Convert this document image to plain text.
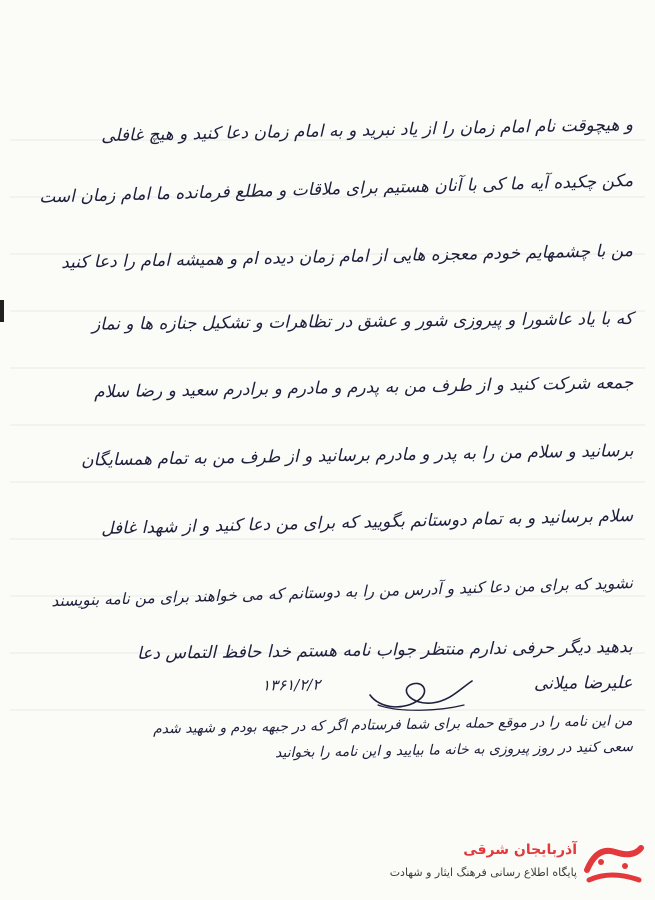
و هیچوقت نام امام زمان را از یاد نبرید و به امام زمان دعا کنید و هیچ غافلی
مکن چکیده آیه ما کی با آنان هستیم برای ملاقات و مطلع فرمانده ما امام زمان است
من با چشمهایم خودم معجزه هایی از امام زمان دیده ام و همیشه امام را دعا کنید
که با یاد عاشورا و پیروزی شور و عشق در تظاهرات و تشکیل جنازه ها و نماز
جمعه شرکت کنید و از طرف من به پدرم و مادرم و برادرم سعید و رضا سلام
برسانید و سلام من را به پدر و مادرم برسانید و از طرف من به تمام همسایگان
سلام برسانید و به تمام دوستانم بگویید که برای من دعا کنید و از شهدا غافل
نشوید که برای من دعا کنید و آدرس من را به دوستانم که می خواهند برای من نامه بنویسند
بدهید دیگر حرفی ندارم منتظر جواب نامه هستم خدا حافظ التماس دعا
علیرضا میلانی
من این نامه را در موقع حمله برای شما فرستادم اگر که در جبهه بودم و شهید شدم
سعی کنید در روز پیروزی به خانه ما بیایید و این نامه را بخوانید
۱۳۶۱/۲/۲
آذربایجان شرقی
پایگاه اطلاع رسانی فرهنگ ایثار و شهادت
